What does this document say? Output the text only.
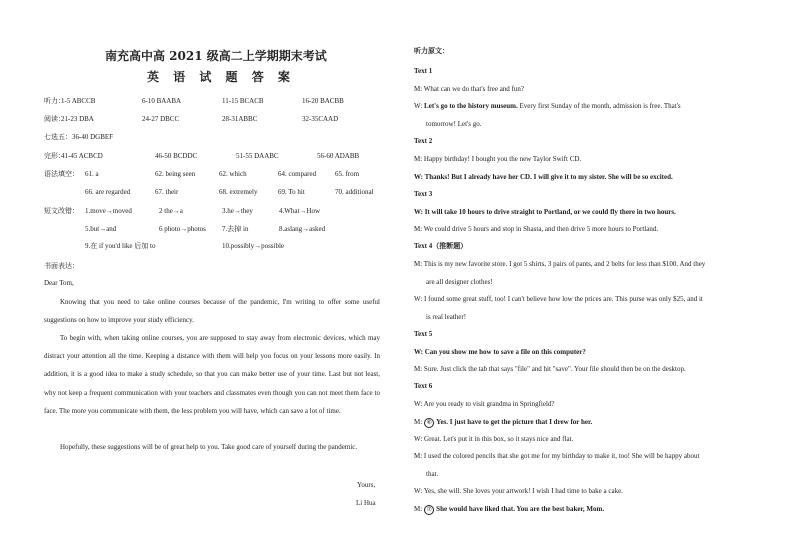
南充高中高 2021 级高二上学期期末考试
英 语 试 题 答 案
听力：
1-5 ABCCB	6-10 BAABA	11-15 BCACB	16-20 BACBB
阅读：
21-23 DBA	24-27 DBCC	28-31ABBC	32-35CAAD
七选五：36-40 DGBEF
完形：
41-45 ACBCD	46-50 BCDDC	51-55 DAABC	56-60 ADABB
语法填空： 61. a	62. being seen	62. which	64. compared	65. from
66. are regarded	67. their	68. extremely	69. To hit	70. additional
短文改错： 1.move→moved	2 the→a	3.he→they	4.What→How
5.but→and	6 photo→photos 7.去掉 in	8.aslang→asked
9.在 if you'd like 后加 to	10.possibly→possible
书面表达：
Dear Tom,
Knowing that you need to take online courses because of the pandemic, I'm writing to offer some useful suggestions on how to improve your study efficiency.
To begin with, when taking online courses, you are supposed to stay away from electronic devices, which may distract your attention all the time. Keeping a distance with them will help you focus on your lessons more easily. In addition, it is a good idea to make a study schedule, so that you can make better use of your time. Last but not least, why not keep a frequent communication with your teachers and classmates even though you can not meet them face to face. The more you communicate with them, the less problem you will have, which can save a lot of time.
Hopefully, these suggestions will be of great help to you. Take good care of yourself during the pandemic.
Yours,
Li Hua
听力原文：
Text 1
M: What can we do that's free and fun?
W: Let's go to the history museum. Every first Sunday of the month, admission is free. That's
tomorrow! Let's go.
Text 2
M: Happy birthday! I bought you the new Taylor Swift CD.
W: Thanks! But I already have her CD. I will give it to my sister. She will be so excited.
Text 3
W: It will take 10 hours to drive straight to Portland, or we could fly there in two hours.
M: We could drive 5 hours and stop in Shasta, and then drive 5 more hours to Portland.
Text 4（推断题）
M: This is my new favorite store. I got 5 shirts, 3 pairs of pants, and 2 belts for less than $100. And they
are all designer clothes!
W: I found some great stuff, too! I can't believe how low the prices are. This purse was only $25, and it
is real leather!
Text 5
W: Can you show me how to save a file on this computer?
M: Sure. Just click the tab that says "file" and hit "save". Your file should then be on the desktop.
Text 6
W: Are you ready to visit grandma in Springfield?
M: ⑥ Yes. I just have to get the picture that I drew for her.
W: Great. Let's put it in this box, so it stays nice and flat.
M: I used the colored pencils that she got me for my birthday to make it, too! She will be happy about
that.
W: Yes, she will. She loves your artwork! I wish I had time to bake a cake.
M: ⑦ She would have liked that. You are the best baker, Mom.
